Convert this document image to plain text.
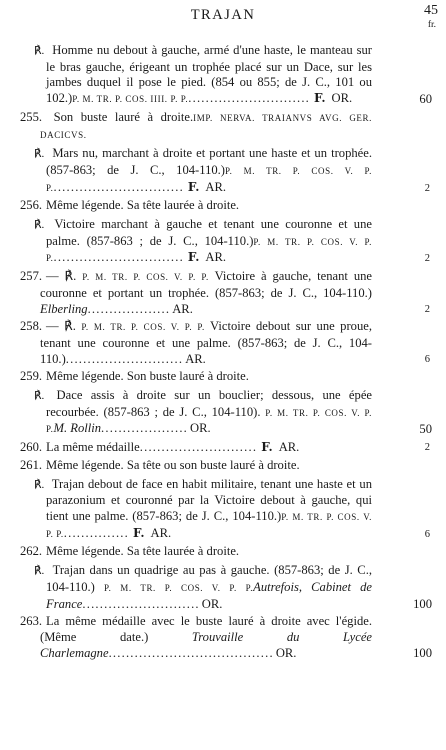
TRAJAN	45
fr.
℟. Homme nu debout à gauche, armé d'une haste, le manteau sur le bras gauche, érigeant un trophée placé sur un Dace, sur les jambes duquel il pose le pied. (854 ou 855; de J. C., 101 ou 102.)P. M. TR. P. COS. IIII. P. P............................. F. OR.	60
255. Son buste lauré à droite.IMP. NERVA. TRAIANVS AVG. GER. DACICVS.
℟. Mars nu, marchant à droite et portant une haste et un trophée. (857-863; de J. C., 104-110.)P. M. TR. P. COS. V. P. P............................... F. AR.	2
256. Même légende. Sa tête laurée à droite.
℟. Victoire marchant à gauche et tenant une couronne et une palme. (857-863 ; de J. C., 104-110.)P. M. TR. P. COS. V. P. P............................... F. AR.	2
257. — ℟. P. M. TR. P. COS. V. P. P. Victoire à gauche, tenant une couronne et portant un trophée. (857-863; de J. C., 104-110.) Elberling................... AR.	2
258. — ℟. P. M. TR. P. COS. V. P. P. Victoire debout sur une proue, tenant une couronne et une palme. (857-863; de J. C., 104-110.)........................... AR.	6
259. Même légende. Son buste lauré à droite.
℟. Dace assis à droite sur un bouclier; dessous, une épée recourbée. (857-863 ; de J. C., 104-110). P. M. TR. P. COS. V. P. P.M. Rollin.................... OR.	50
260. La même médaille........................... F. AR.	2
261. Même légende. Sa tête ou son buste lauré à droite.
℟. Trajan debout de face en habit militaire, tenant une haste et un parazonium et couronné par la Victoire debout à gauche, qui tient une palme. (857-863; de J. C., 104-110.)P. M. TR. P. COS. V. P. P................ F. AR.	6
262. Même légende. Sa tête laurée à droite.
℟. Trajan dans un quadrige au pas à gauche. (857-863; de J. C., 104-110.) P. M. TR. P. COS. V. P. P.Autrefois, Cabinet de France........................... OR.	100
263. La même médaille avec le buste lauré à droite avec l'égide. (Même date.) Trouvaille du Lycée Charlemagne...................................... OR.	100
